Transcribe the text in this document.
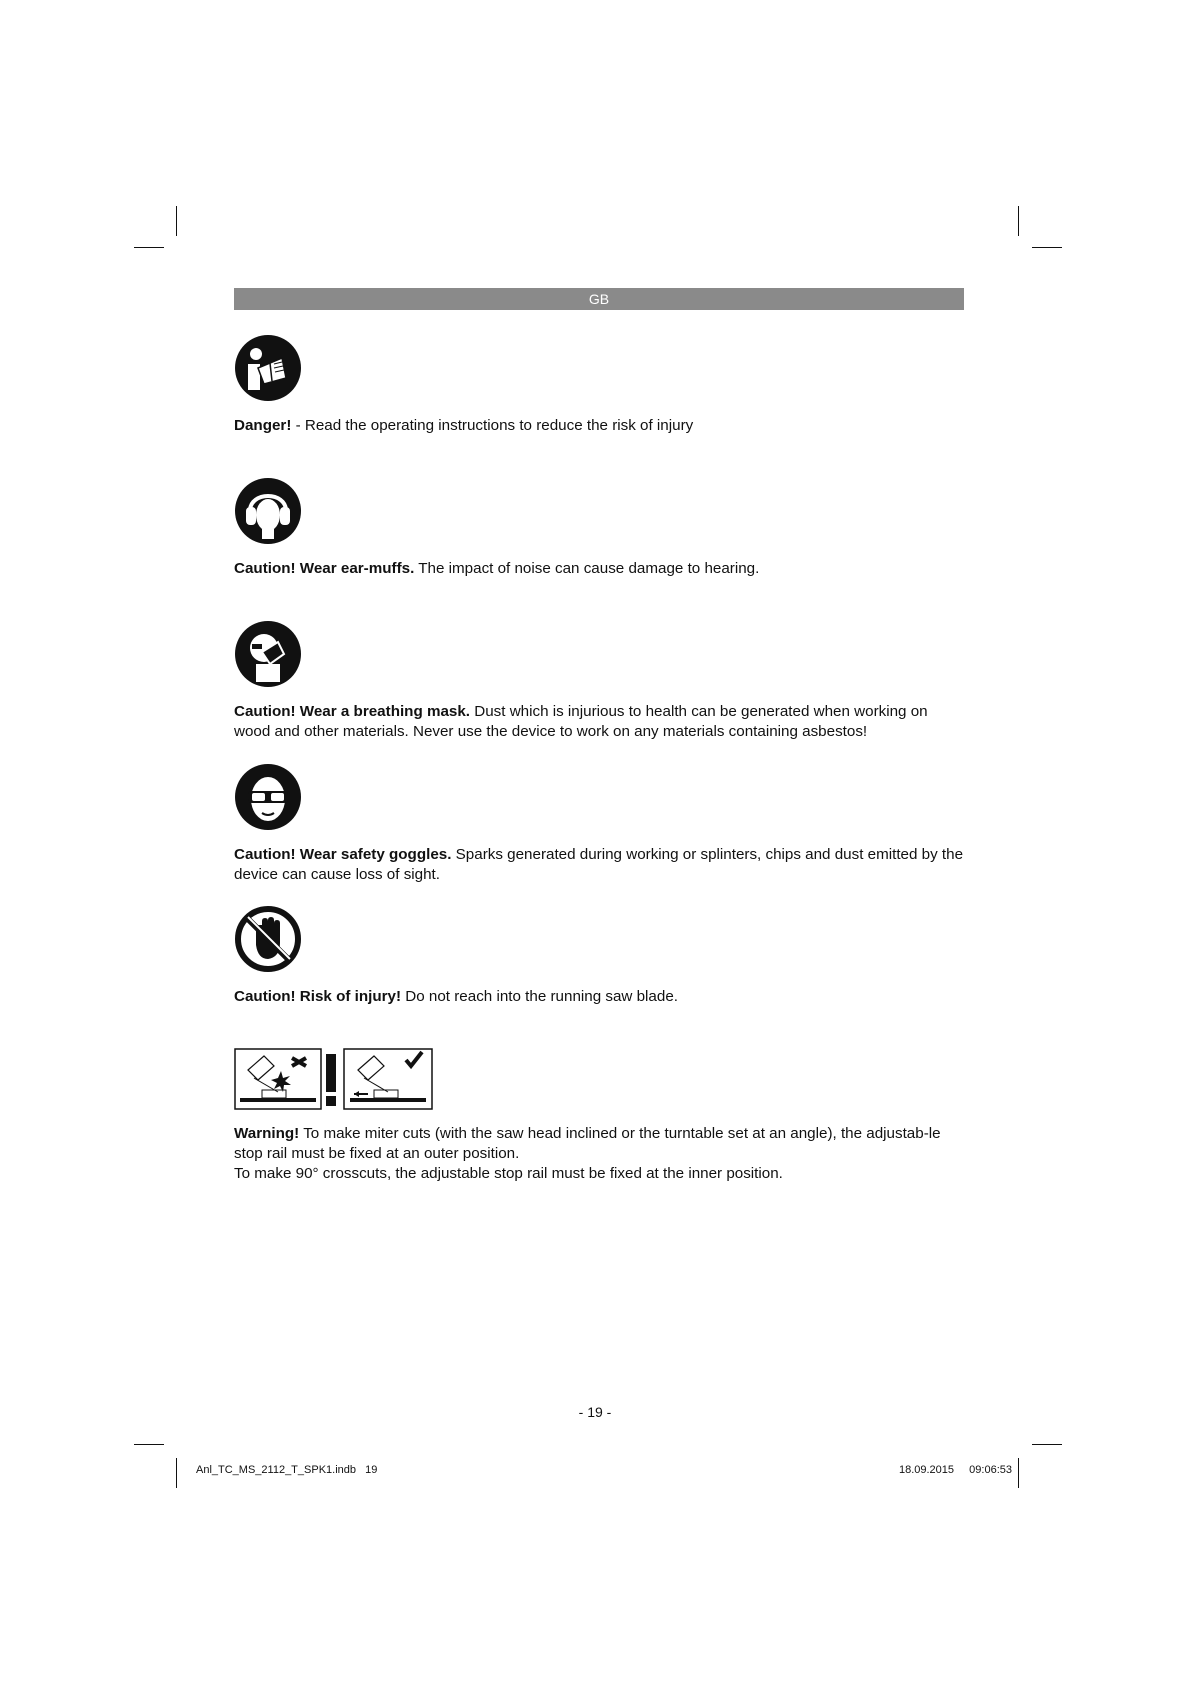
GB
Danger! - Read the operating instructions to reduce the risk of injury
Caution! Wear ear-muffs. The impact of noise can cause damage to hearing.
Caution! Wear a breathing mask. Dust which is injurious to health can be generated when working on wood and other materials. Never use the device to work on any materials containing asbestos!
Caution! Wear safety goggles. Sparks generated during working or splinters, chips and dust emitted by the device can cause loss of sight.
Caution! Risk of injury! Do not reach into the running saw blade.

Warning! To make miter cuts (with the saw head inclined or the turntable set at an angle), the adjustab-le stop rail must be fixed at an outer position.

To make 90° crosscuts, the adjustable stop rail must be fixed at the inner position.

- 19 -
Anl_TC_MS_2112_T_SPK1.indb   19	18.09.2015   09:06:53
